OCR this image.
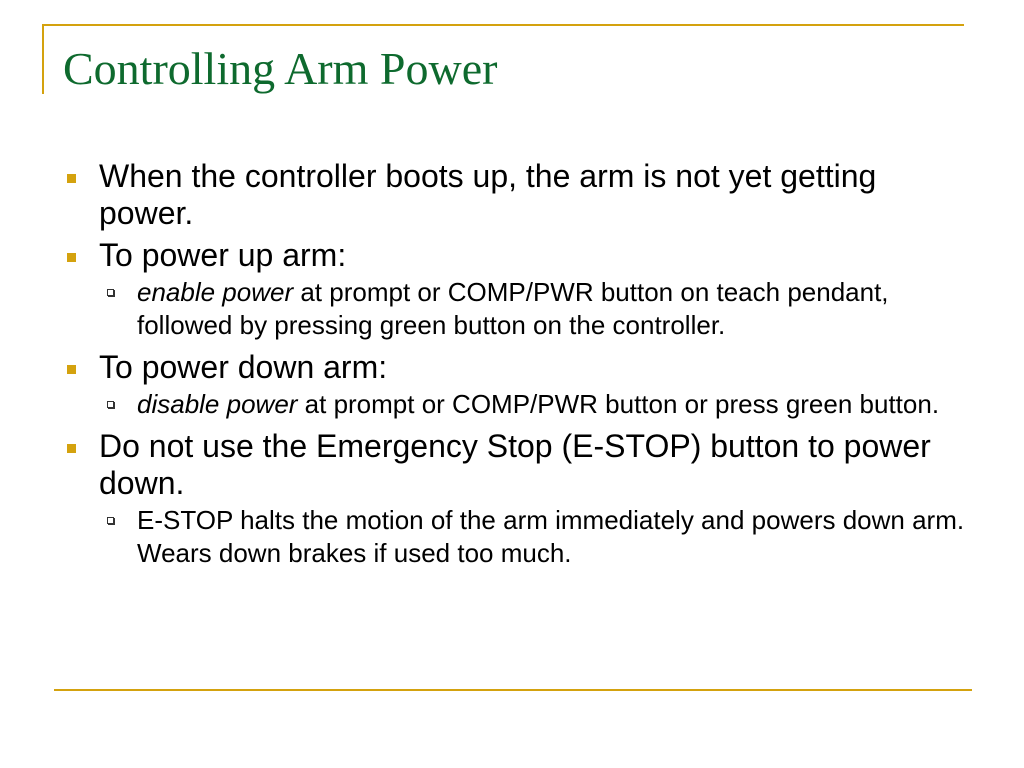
Controlling Arm Power
When the controller boots up, the arm is not yet getting power.
To power up arm:
enable power at prompt or COMP/PWR button on teach pendant, followed by pressing green button on the controller.
To power down arm:
disable power at prompt or COMP/PWR button or press green button.
Do not use the Emergency Stop (E-STOP) button to power down.
E-STOP halts the motion of the arm immediately and powers down arm. Wears down brakes if used too much.
